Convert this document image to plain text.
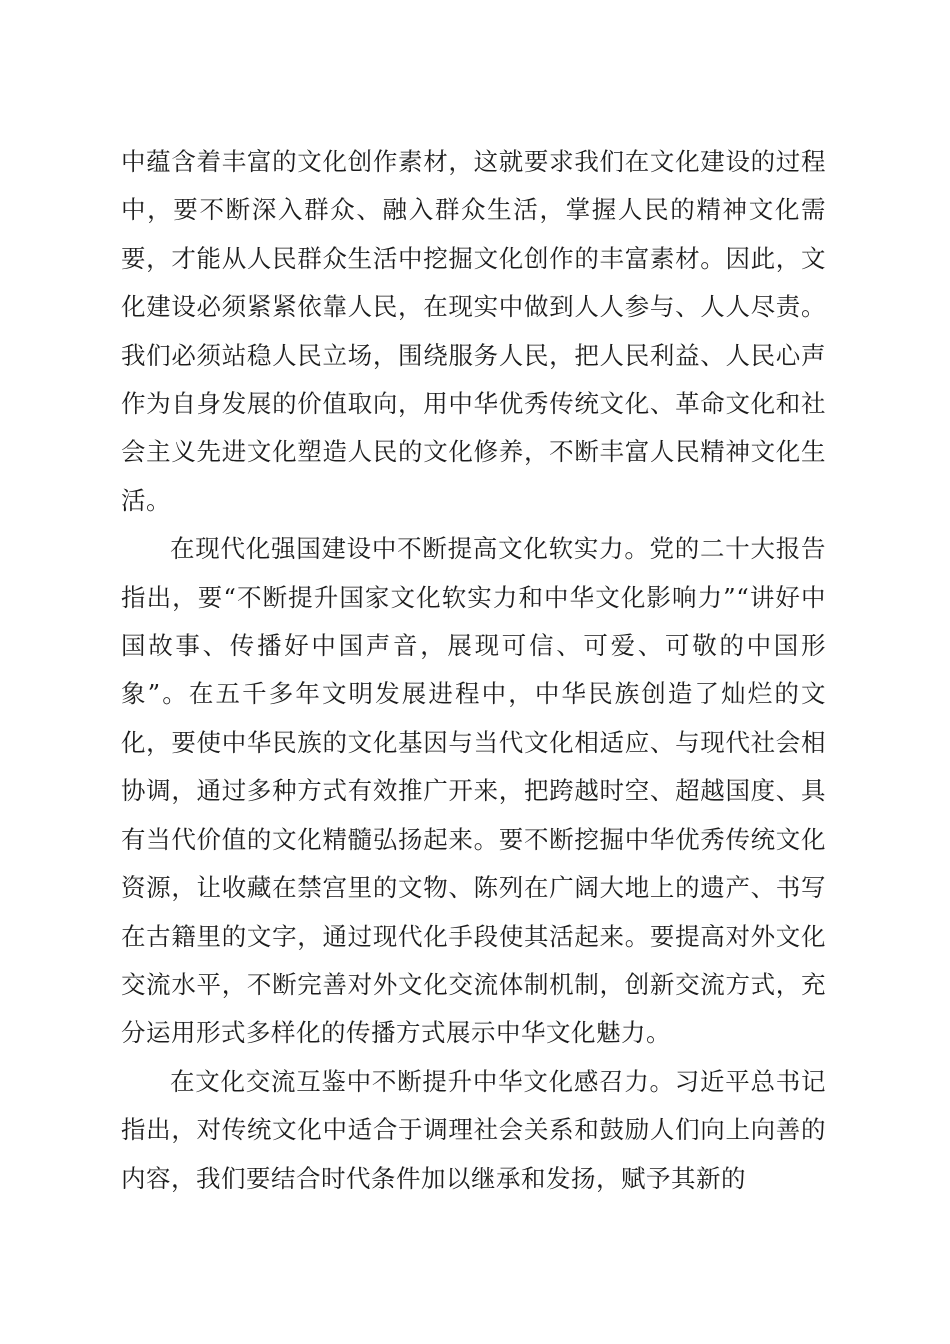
中蕴含着丰富的文化创作素材，这就要求我们在文化建设的过程中，要不断深入群众、融入群众生活，掌握人民的精神文化需要，才能从人民群众生活中挖掘文化创作的丰富素材。因此，文化建设必须紧紧依靠人民，在现实中做到人人参与、人人尽责。我们必须站稳人民立场，围绕服务人民，把人民利益、人民心声作为自身发展的价值取向，用中华优秀传统文化、革命文化和社会主义先进文化塑造人民的文化修养，不断丰富人民精神文化生活。

在现代化强国建设中不断提高文化软实力。党的二十大报告指出，要“不断提升国家文化软实力和中华文化影响力”“讲好中国故事、传播好中国声音，展现可信、可爱、可敬的中国形象”。在五千多年文明发展进程中，中华民族创造了灿烂的文化，要使中华民族的文化基因与当代文化相适应、与现代社会相协调，通过多种方式有效推广开来，把跨越时空、超越国度、具有当代价值的文化精髓弘扬起来。要不断挖掘中华优秀传统文化资源，让收藏在禁宫里的文物、陈列在广阔大地上的遗产、书写在古籍里的文字，通过现代化手段使其活起来。要提高对外文化交流水平，不断完善对外文化交流体制机制，创新交流方式，充分运用形式多样化的传播方式展示中华文化魅力。

在文化交流互鉴中不断提升中华文化感召力。习近平总书记指出，对传统文化中适合于调理社会关系和鼓励人们向上向善的内容，我们要结合时代条件加以继承和发扬，赋予其新的
